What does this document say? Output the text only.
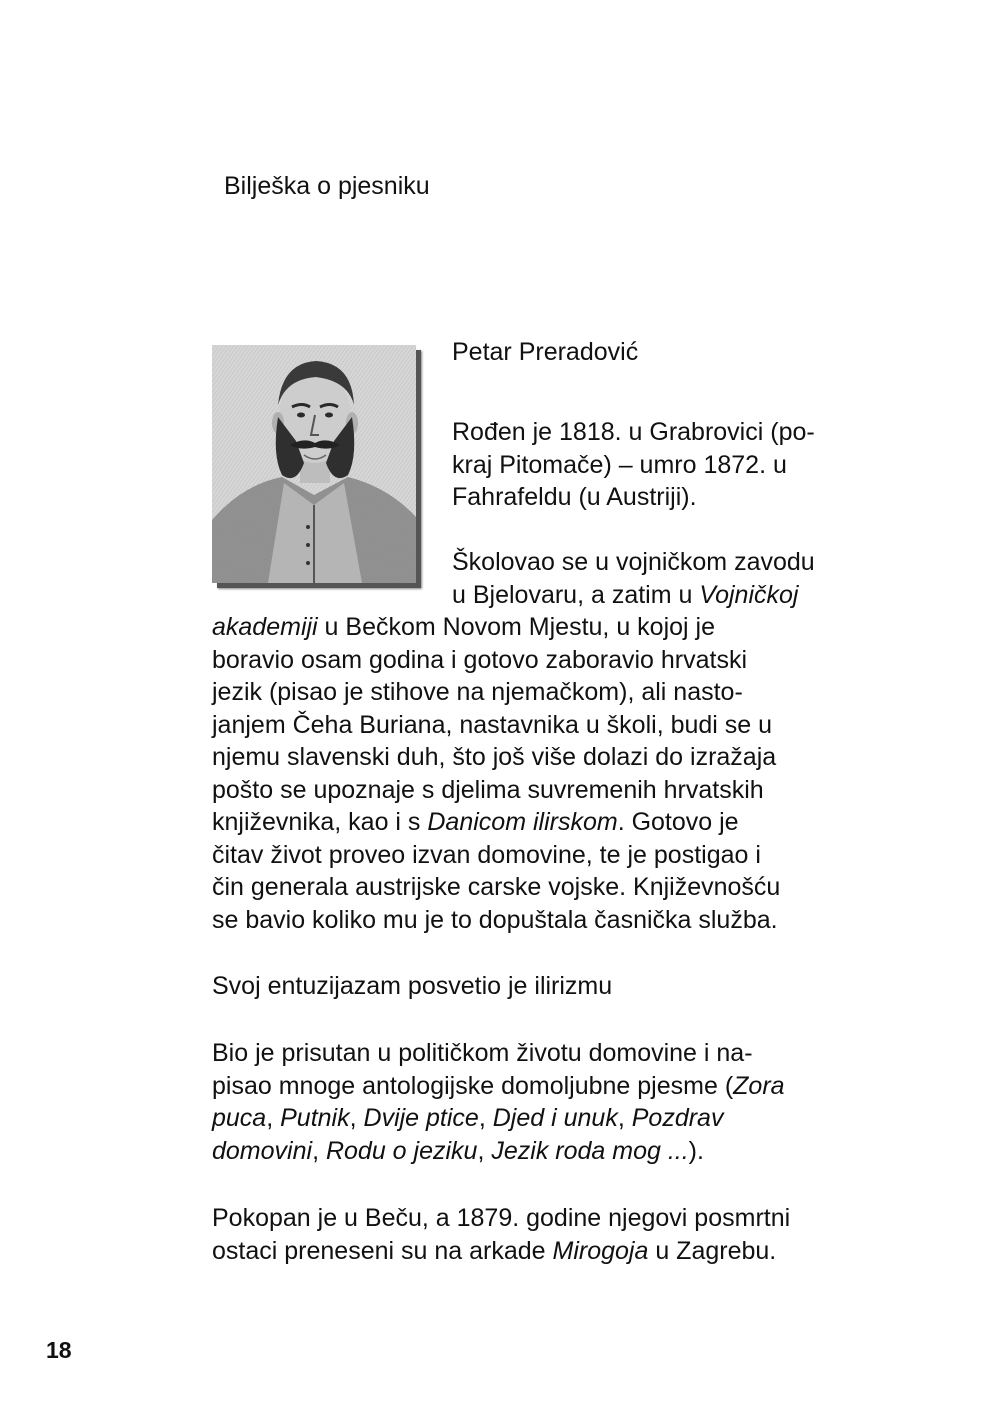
Bilješka o pjesniku
Petar Preradović
Rođen je 1818. u Grabrovici (po-
kraj Pitomače) – umro 1872. u
Fahrafeldu (u Austriji).
Školovao se u vojničkom zavodu
u Bjelovaru, a zatim u Vojničkoj
akademiji u Bečkom Novom Mjestu, u kojoj je
boravio osam godina i gotovo zaboravio hrvatski
jezik (pisao je stihove na njemačkom), ali nasto-
janjem Čeha Buriana, nastavnika u školi, budi se u
njemu slavenski duh, što još više dolazi do izražaja
pošto se upoznaje s djelima suvremenih hrvatskih
književnika, kao i s Danicom ilirskom. Gotovo je
čitav život proveo izvan domovine, te je postigao i
čin generala austrijske carske vojske. Književnošću
se bavio koliko mu je to dopuštala časnička služba.
Svoj entuzijazam posvetio je ilirizmu
Bio je prisutan u političkom životu domovine i na-
pisao mnoge antologijske domoljubne pjesme (Zora
puca, Putnik, Dvije ptice, Djed i unuk, Pozdrav
domovini, Rodu o jeziku, Jezik roda mog ...).
Pokopan je u Beču, a 1879. godine njegovi posmrtni
ostaci preneseni su na arkade Mirogoja u Zagrebu.
18
